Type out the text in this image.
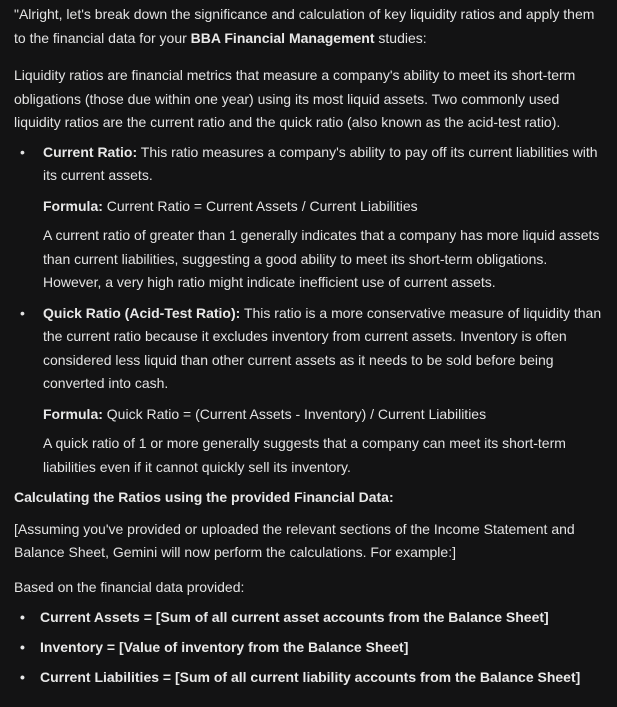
"Alright, let's break down the significance and calculation of key liquidity ratios and apply them to the financial data for your BBA Financial Management studies:

Liquidity ratios are financial metrics that measure a company's ability to meet its short-term obligations (those due within one year) using its most liquid assets. Two commonly used liquidity ratios are the current ratio and the quick ratio (also known as the acid-test ratio).

• Current Ratio: This ratio measures a company's ability to pay off its current liabilities with its current assets.

Formula: Current Ratio = Current Assets / Current Liabilities

A current ratio of greater than 1 generally indicates that a company has more liquid assets than current liabilities, suggesting a good ability to meet its short-term obligations. However, a very high ratio might indicate inefficient use of current assets.

• Quick Ratio (Acid-Test Ratio): This ratio is a more conservative measure of liquidity than the current ratio because it excludes inventory from current assets. Inventory is often considered less liquid than other current assets as it needs to be sold before being converted into cash.

Formula: Quick Ratio = (Current Assets - Inventory) / Current Liabilities

A quick ratio of 1 or more generally suggests that a company can meet its short-term liabilities even if it cannot quickly sell its inventory.

Calculating the Ratios using the provided Financial Data:

[Assuming you've provided or uploaded the relevant sections of the Income Statement and Balance Sheet, Gemini will now perform the calculations. For example:]

Based on the financial data provided:

• Current Assets = [Sum of all current asset accounts from the Balance Sheet]
• Inventory = [Value of inventory from the Balance Sheet]
• Current Liabilities = [Sum of all current liability accounts from the Balance Sheet]
